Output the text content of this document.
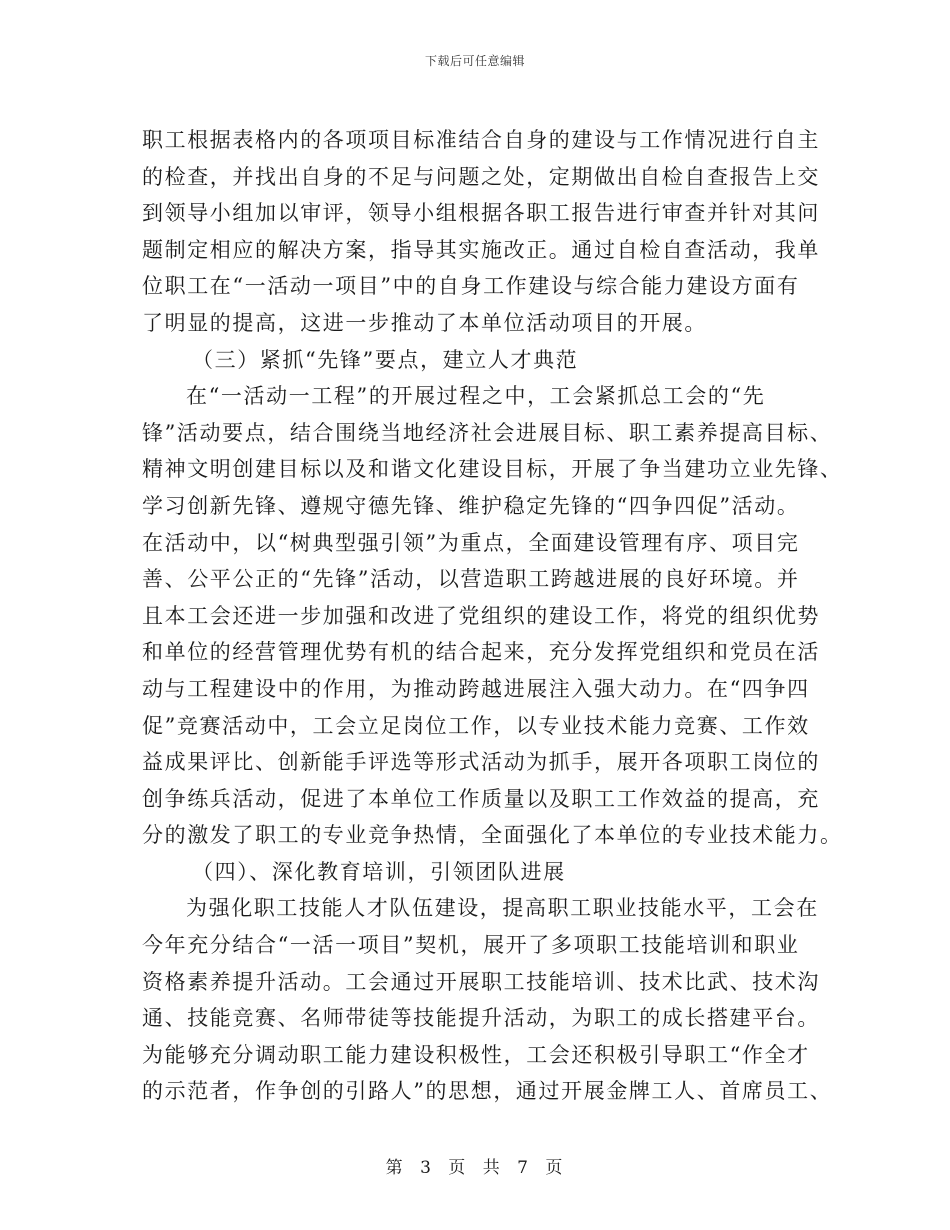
下载后可任意编辑
职工根据表格内的各项项目标准结合自身的建设与工作情况进行自主
的检查，并找出自身的不足与问题之处，定期做出自检自查报告上交
到领导小组加以审评，领导小组根据各职工报告进行审查并针对其问
题制定相应的解决方案，指导其实施改正。通过自检自查活动，我单
位职工在“一活动一项目”中的自身工作建设与综合能力建设方面有
了明显的提高，这进一步推动了本单位活动项目的开展。
（三）紧抓“先锋”要点，建立人才典范
在“一活动一工程”的开展过程之中，工会紧抓总工会的“先
锋”活动要点，结合围绕当地经济社会进展目标、职工素养提高目标、
精神文明创建目标以及和谐文化建设目标，开展了争当建功立业先锋、
学习创新先锋、遵规守德先锋、维护稳定先锋的“四争四促”活动。
在活动中，以“树典型强引领”为重点，全面建设管理有序、项目完
善、公平公正的“先锋”活动，以营造职工跨越进展的良好环境。并
且本工会还进一步加强和改进了党组织的建设工作，将党的组织优势
和单位的经营管理优势有机的结合起来，充分发挥党组织和党员在活
动与工程建设中的作用，为推动跨越进展注入强大动力。在“四争四
促”竞赛活动中，工会立足岗位工作，以专业技术能力竞赛、工作效
益成果评比、创新能手评选等形式活动为抓手，展开各项职工岗位的
创争练兵活动，促进了本单位工作质量以及职工工作效益的提高，充
分的激发了职工的专业竞争热情，全面强化了本单位的专业技术能力。
（四）、深化教育培训，引领团队进展
为强化职工技能人才队伍建设，提高职工职业技能水平，工会在
今年充分结合“一活一项目”契机，展开了多项职工技能培训和职业
资格素养提升活动。工会通过开展职工技能培训、技术比武、技术沟
通、技能竞赛、名师带徒等技能提升活动，为职工的成长搭建平台。
为能够充分调动职工能力建设积极性，工会还积极引导职工“作全才
的示范者，作争创的引路人”的思想，通过开展金牌工人、首席员工、
第 3 页 共 7 页
